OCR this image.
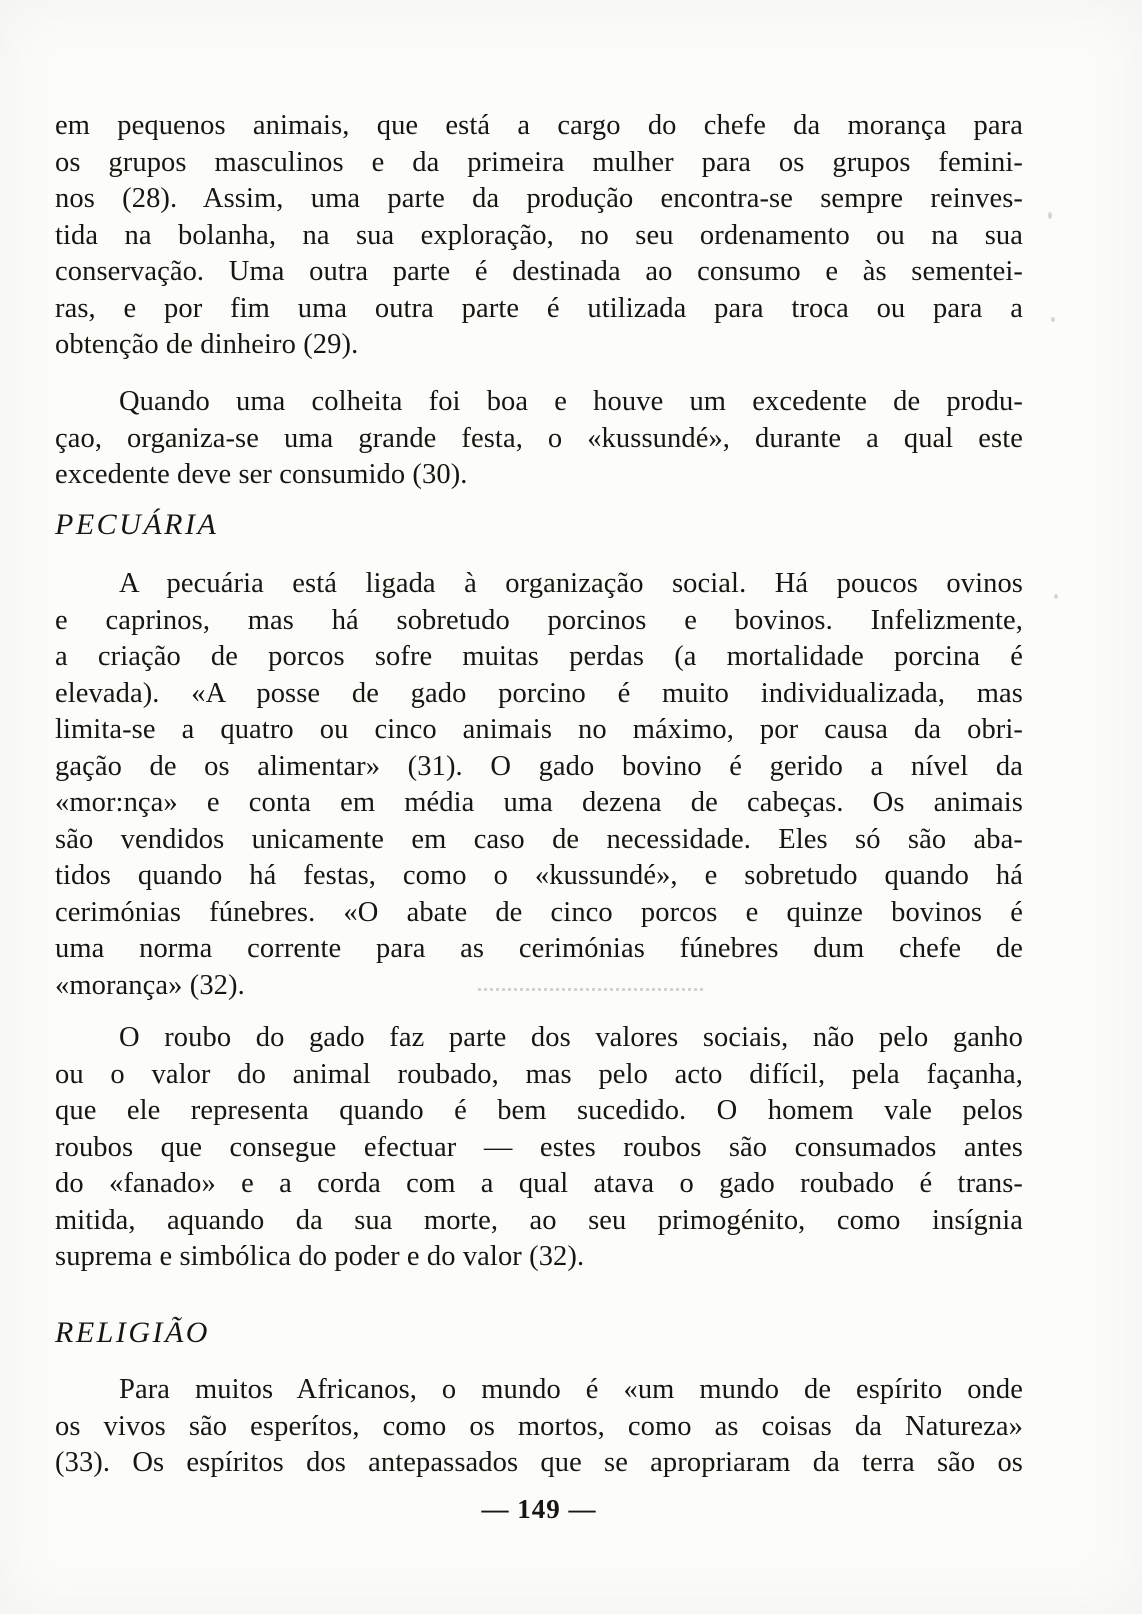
em pequenos animais, que está a cargo do chefe da morança para
os grupos masculinos e da primeira mulher para os grupos femini-
nos (28). Assim, uma parte da produção encontra-se sempre reinves-
tida na bolanha, na sua exploração, no seu ordenamento ou na sua
conservação. Uma outra parte é destinada ao consumo e às sementei-
ras, e por fim uma outra parte é utilizada para troca ou para a
obtenção de dinheiro (29).
Quando uma colheita foi boa e houve um excedente de produ-
çao, organiza-se uma grande festa, o «kussundé», durante a qual este
excedente deve ser consumido (30).
PECUÁRIA
A pecuária está ligada à organização social. Há poucos ovinos
e caprinos, mas há sobretudo porcinos e bovinos. Infelizmente,
a criação de porcos sofre muitas perdas (a mortalidade porcina é
elevada). «A posse de gado porcino é muito individualizada, mas
limita-se a quatro ou cinco animais no máximo, por causa da obri-
gação de os alimentar» (31). O gado bovino é gerido a nível da
«mor:nça» e conta em média uma dezena de cabeças. Os animais
são vendidos unicamente em caso de necessidade. Eles só são aba-
tidos quando há festas, como o «kussundé», e sobretudo quando há
cerimónias fúnebres. «O abate de cinco porcos e quinze bovinos é
uma norma corrente para as cerimónias fúnebres dum chefe de
«morança» (32).
O roubo do gado faz parte dos valores sociais, não pelo ganho
ou o valor do animal roubado, mas pelo acto difícil, pela façanha,
que ele representa quando é bem sucedido. O homem vale pelos
roubos que consegue efectuar — estes roubos são consumados antes
do «fanado» e a corda com a qual atava o gado roubado é trans-
mitida, aquando da sua morte, ao seu primogénito, como insígnia
suprema e simbólica do poder e do valor (32).
RELIGIÃO
Para muitos Africanos, o mundo é «um mundo de espírito onde
os vivos são esperítos, como os mortos, como as coisas da Natureza»
(33). Os espíritos dos antepassados que se apropriaram da terra são os
— 149 —
